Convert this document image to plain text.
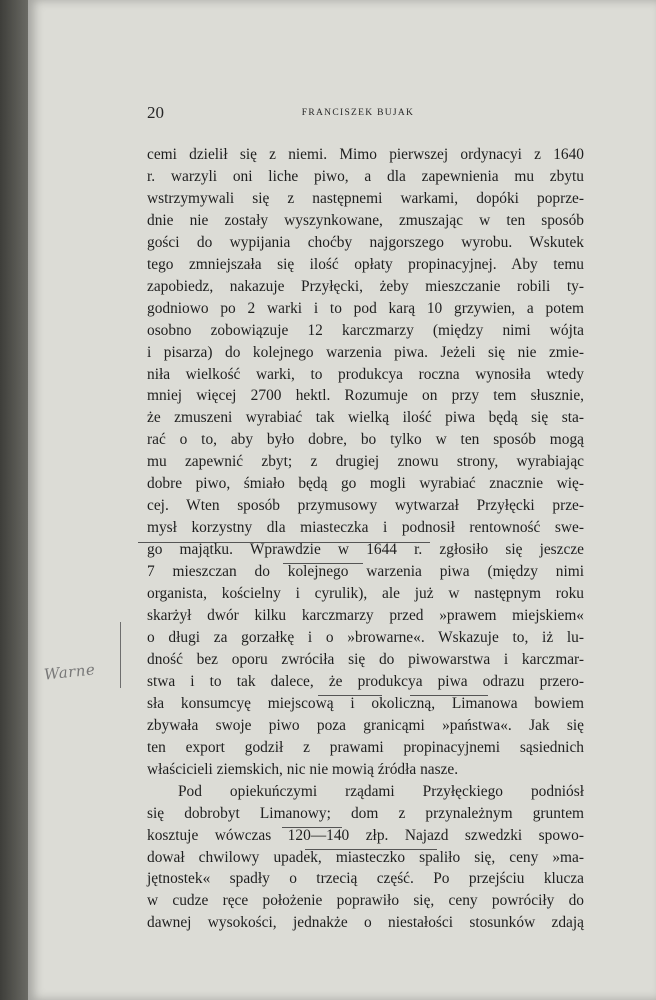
20	FRANCISZEK BUJAK
cemi dzielił się z niemi. Mimo pierwszej ordynacyi z 1640
r. warzyli oni liche piwo, a dla zapewnienia mu zbytu
wstrzymywali się z następnemi warkami, dopóki poprze-
dnie nie zostały wyszynkowane, zmuszając w ten sposób
gości do wypijania choćby najgorszego wyrobu. Wskutek
tego zmniejszała się ilość opłaty propinacyjnej. Aby temu
zapobiedz, nakazuje Przyłęcki, żeby mieszczanie robili ty-
godniowo po 2 warki i to pod karą 10 grzywien, a potem
osobno zobowiązuje 12 karczmarzy (między nimi wójta
i pisarza) do kolejnego warzenia piwa. Jeżeli się nie zmie-
niła wielkość warki, to produkcya roczna wynosiła wtedy
mniej więcej 2700 hektl. Rozumuje on przy tem słusznie,
że zmuszeni wyrabiać tak wielką ilość piwa będą się sta-
rać o to, aby było dobre, bo tylko w ten sposób mogą
mu zapewnić zbyt; z drugiej znowu strony, wyrabiając
dobre piwo, śmiało będą go mogli wyrabiać znacznie wię-
cej. Wten sposób przymusowy wytwarzał Przyłęcki prze-
mysł korzystny dla miasteczka i podnosił rentowność swe-
go majątku. Wprawdzie w 1644 r. zgłosiło się jeszcze
7 mieszczan do kolejnego warzenia piwa (między nimi
organista, kościelny i cyrulik), ale już w następnym roku
skarżył dwór kilku karczmarzy przed »prawem miejskiem«
o długi za gorzałkę i o »browarne«. Wskazuje to, iż lu-
dność bez oporu zwróciła się do piwowarstwa i karczmar-
stwa i to tak dalece, że produkcya piwa odrazu przero-
sła konsumcyę miejscową i okoliczną, Limanowa bowiem
zbywała swoje piwo poza granicąmi »państwa«. Jak się
ten export godził z prawami propinacyjnemi sąsiednich
właścicieli ziemskich, nic nie mowią źródła nasze.
Pod opiekuńczymi rządami Przyłęckiego podniósł
się dobrobyt Limanowy; dom z przynależnym gruntem
kosztuje wówczas 120—140 złp. Najazd szwedzki spowo-
dował chwilowy upadek, miasteczko spaliło się, ceny »ma-
jętnostek« spadły o trzecią część. Po przejściu klucza
w cudze ręce położenie poprawiło się, ceny powróciły do
dawnej wysokości, jednakże o niestałości stosunków zdają
Warne
